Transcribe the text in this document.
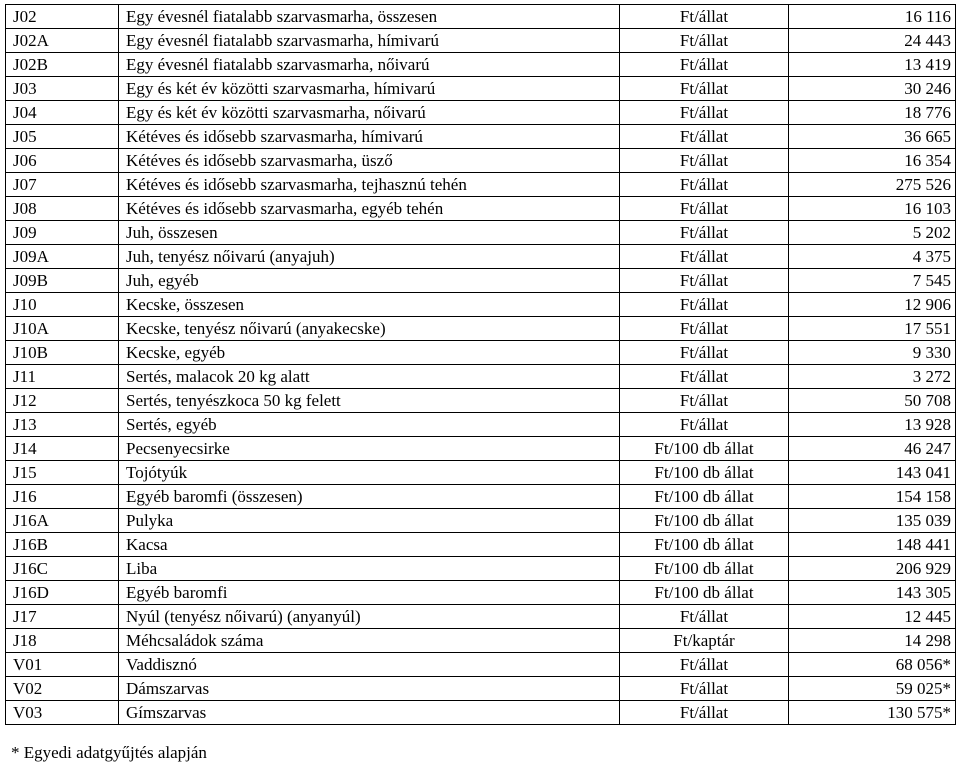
J02	Egy évesnél fiatalabb szarvasmarha, összesen	Ft/állat	16 116
J02A	Egy évesnél fiatalabb szarvasmarha, hímivarú	Ft/állat	24 443
J02B	Egy évesnél fiatalabb szarvasmarha, nőivarú	Ft/állat	13 419
J03	Egy és két év közötti szarvasmarha, hímivarú	Ft/állat	30 246
J04	Egy és két év közötti szarvasmarha, nőivarú	Ft/állat	18 776
J05	Kétéves és idősebb szarvasmarha, hímivarú	Ft/állat	36 665
J06	Kétéves és idősebb szarvasmarha, üsző	Ft/állat	16 354
J07	Kétéves és idősebb szarvasmarha, tejhasznú tehén	Ft/állat	275 526
J08	Kétéves és idősebb szarvasmarha, egyéb tehén	Ft/állat	16 103
J09	Juh, összesen	Ft/állat	5 202
J09A	Juh, tenyész nőivarú (anyajuh)	Ft/állat	4 375
J09B	Juh, egyéb	Ft/állat	7 545
J10	Kecske, összesen	Ft/állat	12 906
J10A	Kecske, tenyész nőivarú (anyakecske)	Ft/állat	17 551
J10B	Kecske, egyéb	Ft/állat	9 330
J11	Sertés, malacok 20 kg alatt	Ft/állat	3 272
J12	Sertés, tenyészkoca 50 kg felett	Ft/állat	50 708
J13	Sertés, egyéb	Ft/állat	13 928
J14	Pecsenyecsirke	Ft/100 db állat	46 247
J15	Tojótyúk	Ft/100 db állat	143 041
J16	Egyéb baromfi (összesen)	Ft/100 db állat	154 158
J16A	Pulyka	Ft/100 db állat	135 039
J16B	Kacsa	Ft/100 db állat	148 441
J16C	Liba	Ft/100 db állat	206 929
J16D	Egyéb baromfi	Ft/100 db állat	143 305
J17	Nyúl (tenyész nőivarú) (anyanyúl)	Ft/állat	12 445
J18	Méhcsaládok száma	Ft/kaptár	14 298
V01	Vaddisznó	Ft/állat	68 056*
V02	Dámszarvas	Ft/állat	59 025*
V03	Gímszarvas	Ft/állat	130 575*
* Egyedi adatgyűjtés alapján
